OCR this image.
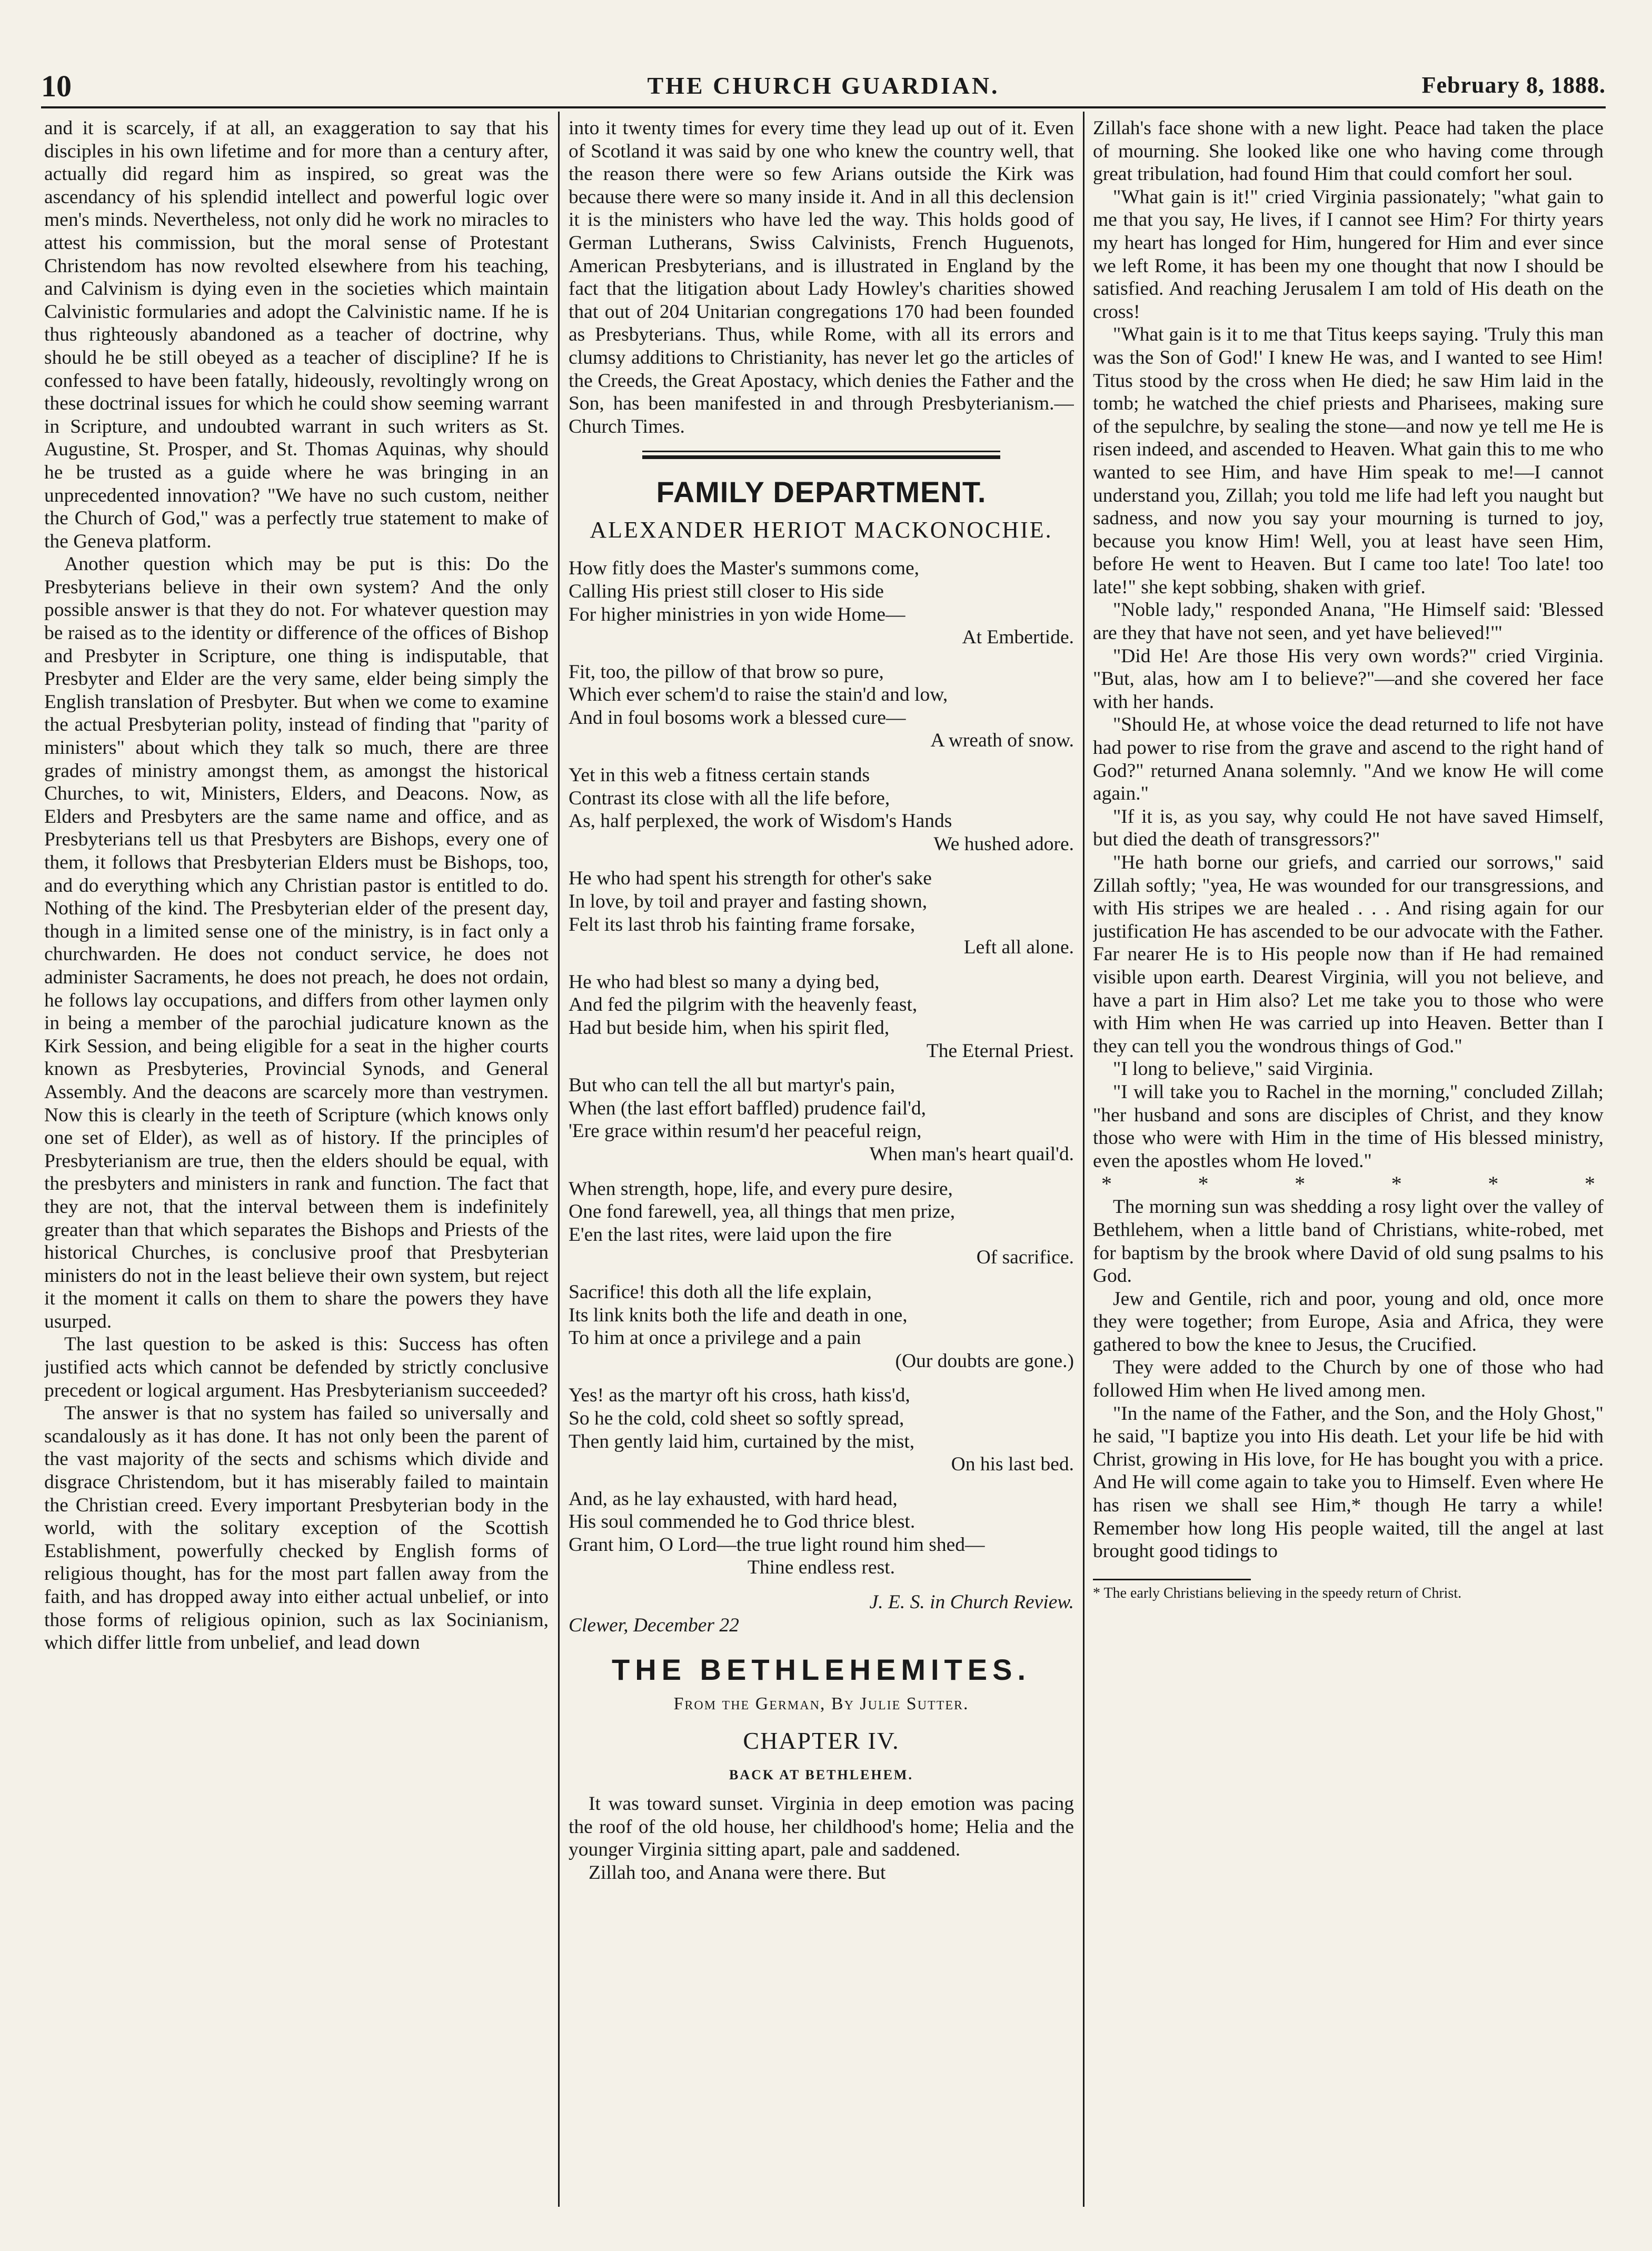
10	THE CHURCH GUARDIAN.	February 8, 1888.

and it is scarcely, if at all, an exaggeration to say that his disciples in his own lifetime and for more than a century after, actually did regard him as inspired, so great was the ascendancy of his splendid intellect and powerful logic over men's minds. Nevertheless, not only did he work no miracles to attest his commission, but the moral sense of Protestant Christendom has now revolted elsewhere from his teaching, and Calvinism is dying even in the societies which maintain Calvinistic formularies and adopt the Calvinistic name. If he is thus righteously abandoned as a teacher of doctrine, why should he be still obeyed as a teacher of discipline? If he is confessed to have been fatally, hideously, revoltingly wrong on these doctrinal issues for which he could show seeming warrant in Scripture, and undoubted warrant in such writers as St. Augustine, St. Prosper, and St. Thomas Aquinas, why should he be trusted as a guide where he was bringing in an unprecedented innovation? "We have no such custom, neither the Church of God," was a perfectly true statement to make of the Geneva platform.

Another question which may be put is this: Do the Presbyterians believe in their own system? And the only possible answer is that they do not. For whatever question may be raised as to the identity or difference of the offices of Bishop and Presbyter in Scripture, one thing is indisputable, that Presbyter and Elder are the very same, elder being simply the English translation of Presbyter. But when we come to examine the actual Presbyterian polity, instead of finding that "parity of ministers" about which they talk so much, there are three grades of ministry amongst them, as amongst the historical Churches, to wit, Ministers, Elders, and Deacons. Now, as Elders and Presbyters are the same name and office, and as Presbyterians tell us that Presbyters are Bishops, every one of them, it follows that Presbyterian Elders must be Bishops, too, and do everything which any Christian pastor is entitled to do. Nothing of the kind. The Presbyterian elder of the present day, though in a limited sense one of the ministry, is in fact only a churchwarden. He does not conduct service, he does not administer Sacraments, he does not preach, he does not ordain, he follows lay occupations, and differs from other laymen only in being a member of the parochial judicature known as the Kirk Session, and being eligible for a seat in the higher courts known as Presbyteries, Provincial Synods, and General Assembly. And the deacons are scarcely more than vestrymen. Now this is clearly in the teeth of Scripture (which knows only one set of Elder), as well as of history. If the principles of Presbyterianism are true, then the elders should be equal, with the presbyters and ministers in rank and function. The fact that they are not, that the interval between them is indefinitely greater than that which separates the Bishops and Priests of the historical Churches, is conclusive proof that Presbyterian ministers do not in the least believe their own system, but reject it the moment it calls on them to share the powers they have usurped.

The last question to be asked is this: Success has often justified acts which cannot be defended by strictly conclusive precedent or logical argument. Has Presbyterianism succeeded?

The answer is that no system has failed so universally and scandalously as it has done. It has not only been the parent of the vast majority of the sects and schisms which divide and disgrace Christendom, but it has miserably failed to maintain the Christian creed. Every important Presbyterian body in the world, with the solitary exception of the Scottish Establishment, powerfully checked by English forms of religious thought, has for the most part fallen away from the faith, and has dropped away into either actual unbelief, or into those forms of religious opinion, such as lax Socinianism, which differ little from unbelief, and lead down

into it twenty times for every time they lead up out of it. Even of Scotland it was said by one who knew the country well, that the reason there were so few Arians outside the Kirk was because there were so many inside it. And in all this declension it is the ministers who have led the way. This holds good of German Lutherans, Swiss Calvinists, French Huguenots, American Presbyterians, and is illustrated in England by the fact that the litigation about Lady Howley's charities showed that out of 204 Unitarian congregations 170 had been founded as Presbyterians. Thus, while Rome, with all its errors and clumsy additions to Christianity, has never let go the articles of the Creeds, the Great Apostacy, which denies the Father and the Son, has been manifested in and through Presbyterianism.—Church Times.

FAMILY DEPARTMENT.
ALEXANDER HERIOT MACKONOCHIE.
How fitly does the Master's summons come,
Calling His priest still closer to His side
For higher ministries in yon wide Home—
At Embertide.
Fit, too, the pillow of that brow so pure,
Which ever schem'd to raise the stain'd and low,
And in foul bosoms work a blessed cure—
A wreath of snow.
Yet in this web a fitness certain stands
Contrast its close with all the life before,
As, half perplexed, the work of Wisdom's Hands
We hushed adore.
He who had spent his strength for other's sake
In love, by toil and prayer and fasting shown,
Felt its last throb his fainting frame forsake,
Left all alone.
He who had blest so many a dying bed,
And fed the pilgrim with the heavenly feast,
Had but beside him, when his spirit fled,
The Eternal Priest.
But who can tell the all but martyr's pain,
When (the last effort baffled) prudence fail'd,
'Ere grace within resum'd her peaceful reign,
When man's heart quail'd.
When strength, hope, life, and every pure desire,
One fond farewell, yea, all things that men prize,
E'en the last rites, were laid upon the fire
Of sacrifice.
Sacrifice! this doth all the life explain,
Its link knits both the life and death in one,
To him at once a privilege and a pain
(Our doubts are gone.)
Yes! as the martyr oft his cross, hath kiss'd,
So he the cold, cold sheet so softly spread,
Then gently laid him, curtained by the mist,
On his last bed.
And, as he lay exhausted, with hard head,
His soul commended he to God thrice blest.
Grant him, O Lord—the true light round him shed—
Thine endless rest.
J. E. S. in Church Review.
Clewer, December 22
THE BETHLEHEMITES.
From the German, By Julie Sutter.
CHAPTER IV.
BACK AT BETHLEHEM.

It was toward sunset. Virginia in deep emotion was pacing the roof of the old house, her childhood's home; Helia and the younger Virginia sitting apart, pale and saddened.

Zillah too, and Anana were there. But

Zillah's face shone with a new light. Peace had taken the place of mourning. She looked like one who having come through great tribulation, had found Him that could comfort her soul.

"What gain is it!" cried Virginia passionately; "what gain to me that you say, He lives, if I cannot see Him? For thirty years my heart has longed for Him, hungered for Him and ever since we left Rome, it has been my one thought that now I should be satisfied. And reaching Jerusalem I am told of His death on the cross!

"What gain is it to me that Titus keeps saying. 'Truly this man was the Son of God!' I knew He was, and I wanted to see Him! Titus stood by the cross when He died; he saw Him laid in the tomb; he watched the chief priests and Pharisees, making sure of the sepulchre, by sealing the stone—and now ye tell me He is risen indeed, and ascended to Heaven. What gain this to me who wanted to see Him, and have Him speak to me!—I cannot understand you, Zillah; you told me life had left you naught but sadness, and now you say your mourning is turned to joy, because you know Him! Well, you at least have seen Him, before He went to Heaven. But I came too late! Too late! too late!" she kept sobbing, shaken with grief.

"Noble lady," responded Anana, "He Himself said: 'Blessed are they that have not seen, and yet have believed!'"

"Did He! Are those His very own words?" cried Virginia. "But, alas, how am I to believe?"—and she covered her face with her hands.

"Should He, at whose voice the dead returned to life not have had power to rise from the grave and ascend to the right hand of God?" returned Anana solemnly. "And we know He will come again."

"If it is, as you say, why could He not have saved Himself, but died the death of transgressors?"

"He hath borne our griefs, and carried our sorrows," said Zillah softly; "yea, He was wounded for our transgressions, and with His stripes we are healed . . . And rising again for our justification He has ascended to be our advocate with the Father. Far nearer He is to His people now than if He had remained visible upon earth. Dearest Virginia, will you not believe, and have a part in Him also? Let me take you to those who were with Him when He was carried up into Heaven. Better than I they can tell you the wondrous things of God."

"I long to believe," said Virginia.

"I will take you to Rachel in the morning," concluded Zillah; "her husband and sons are disciples of Christ, and they know those who were with Him in the time of His blessed ministry, even the apostles whom He loved."

*	*	*	*	*	*

The morning sun was shedding a rosy light over the valley of Bethlehem, when a little band of Christians, white-robed, met for baptism by the brook where David of old sung psalms to his God.

Jew and Gentile, rich and poor, young and old, once more they were together; from Europe, Asia and Africa, they were gathered to bow the knee to Jesus, the Crucified.

They were added to the Church by one of those who had followed Him when He lived among men.

"In the name of the Father, and the Son, and the Holy Ghost," he said, "I baptize you into His death. Let your life be hid with Christ, growing in His love, for He has bought you with a price. And He will come again to take you to Himself. Even where He has risen we shall see Him,* though He tarry a while! Remember how long His people waited, till the angel at last brought good tidings to

* The early Christians believing in the speedy return of Christ.
